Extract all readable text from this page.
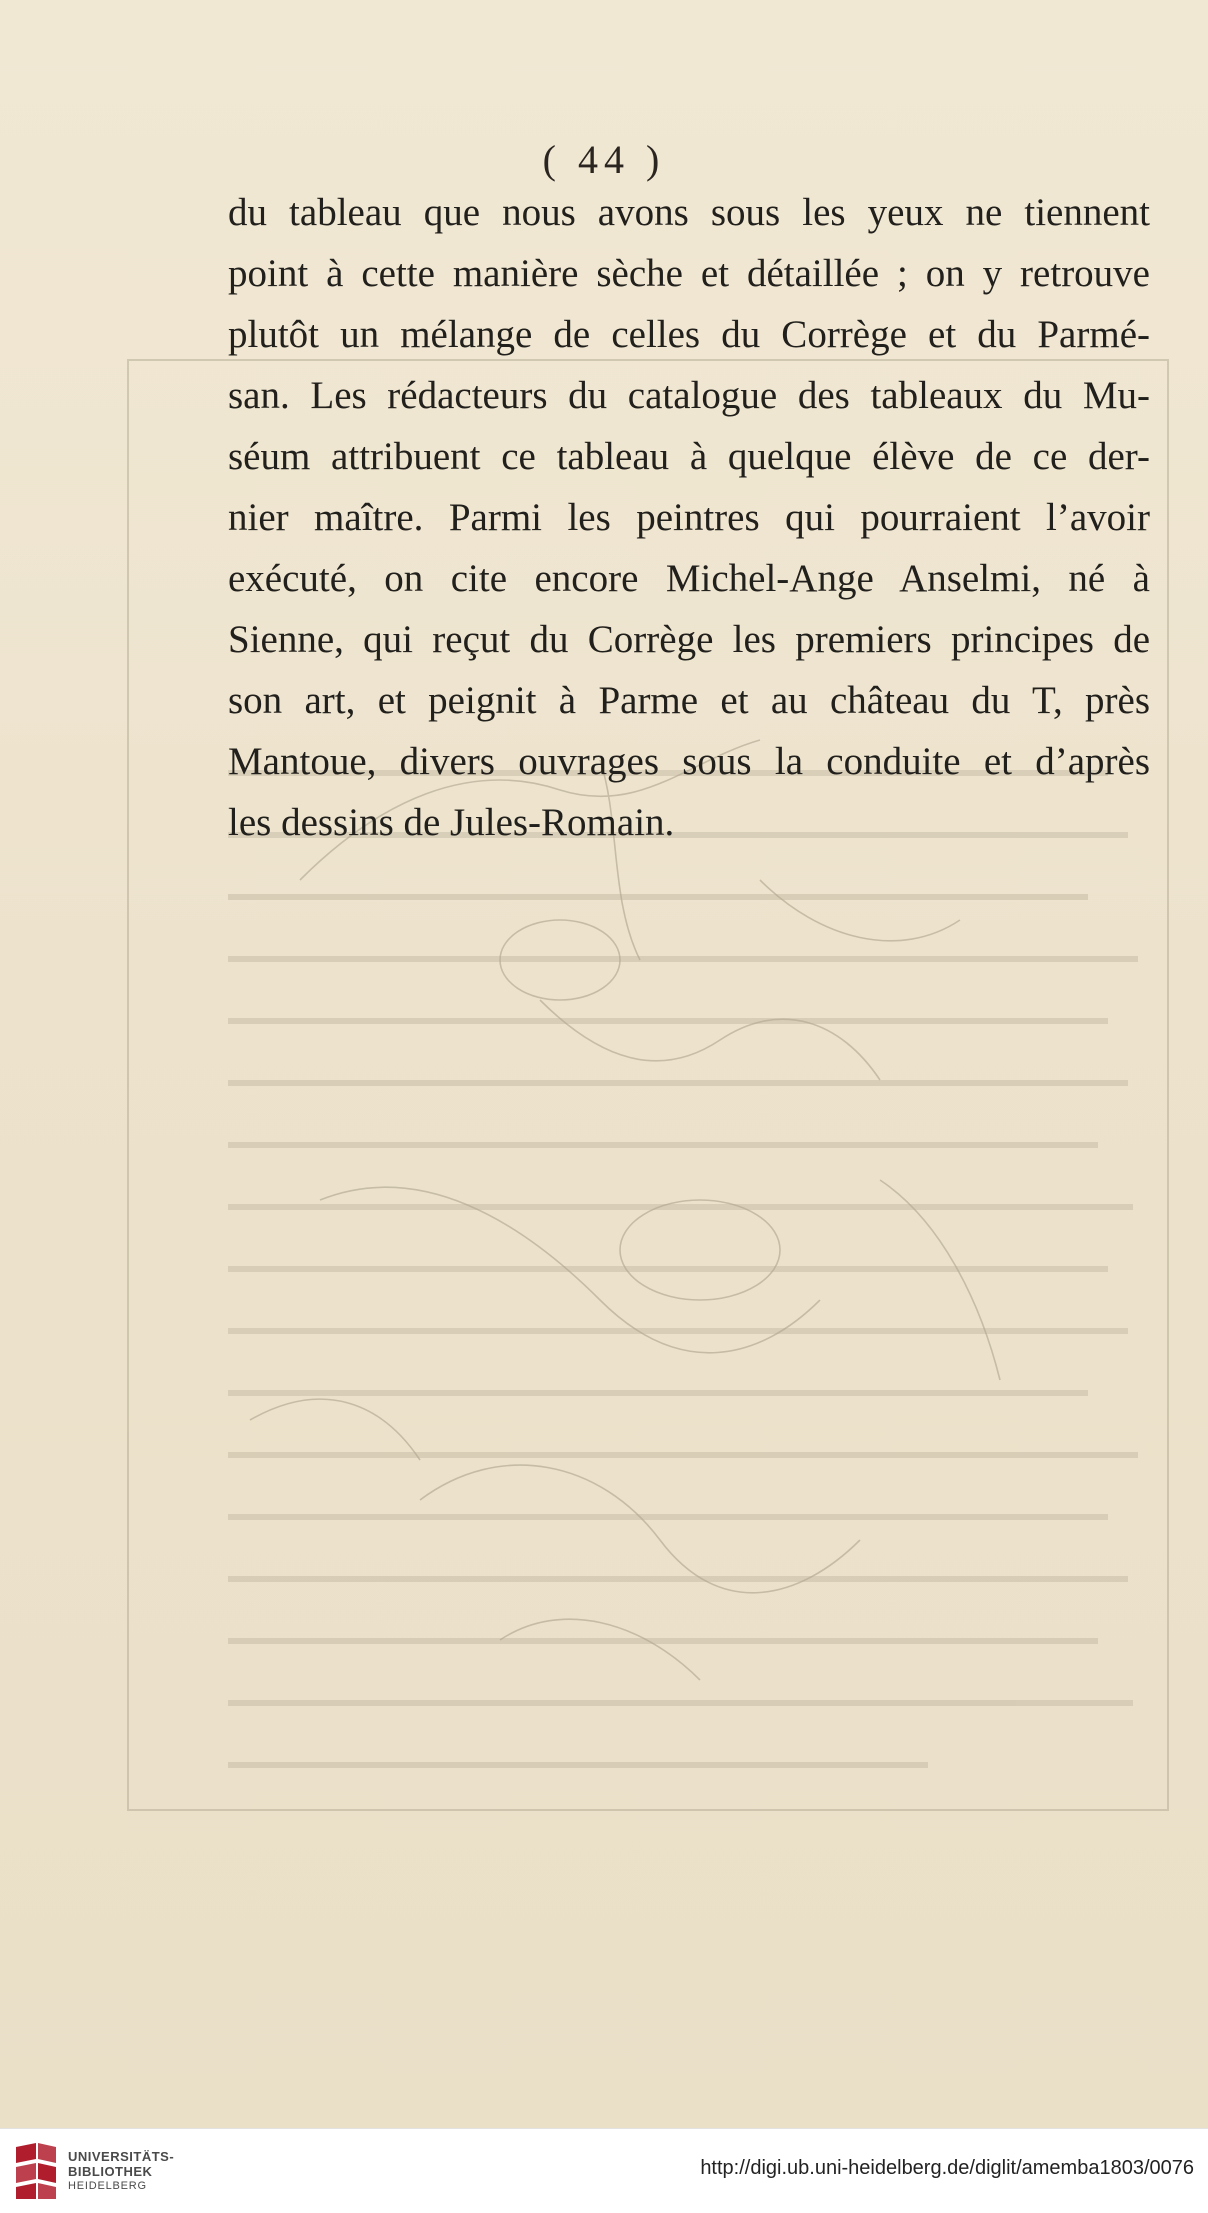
( 44 )
du tableau que nous avons sous les yeux ne tiennent
point à cette manière sèche et détaillée ; on y retrouve
plutôt un mélange de celles du Corrège et du Parmé-
san. Les rédacteurs du catalogue des tableaux du Mu-
séum attribuent ce tableau à quelque élève de ce der-
nier maître. Parmi les peintres qui pourraient l’avoir
exécuté, on cite encore Michel-Ange Anselmi, né à
Sienne, qui reçut du Corrège les premiers principes de
son art, et peignit à Parme et au château du T, près
Mantoue, divers ouvrages sous la conduite et d’après
les dessins de Jules-Romain.
UNIVERSITÄTS-
BIBLIOTHEK
HEIDELBERG
http://digi.ub.uni-heidelberg.de/diglit/amemba1803/0076
